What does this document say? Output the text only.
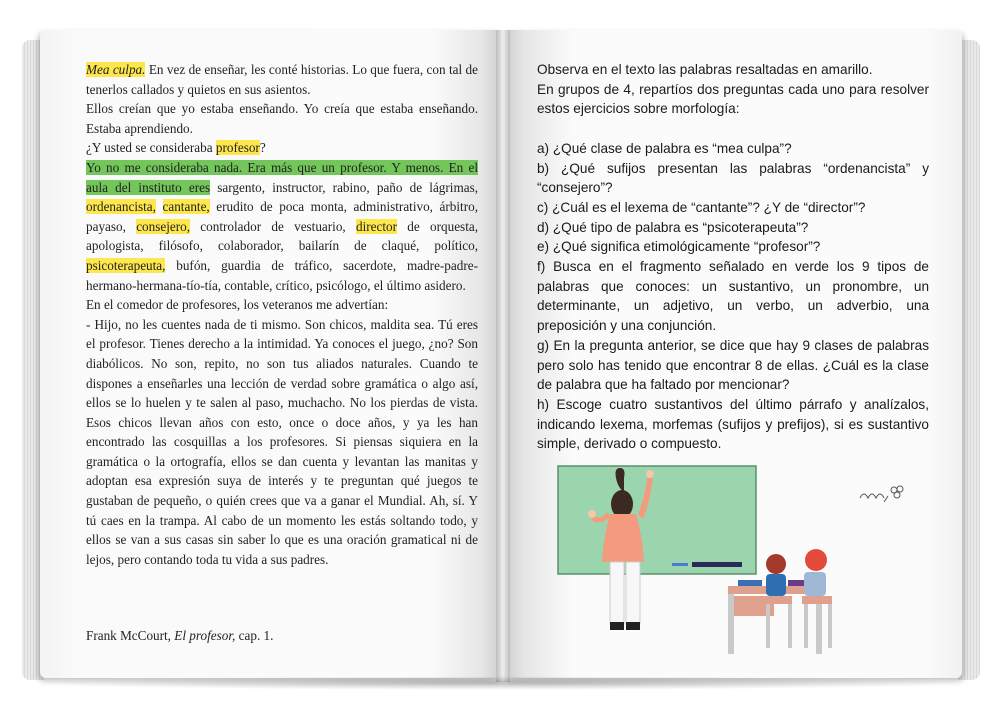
Mea culpa. En vez de enseñar, les conté historias. Lo que fuera, con tal de tenerlos callados y quietos en sus asientos.

Ellos creían que yo estaba enseñando. Yo creía que estaba enseñando. Estaba aprendiendo.

¿Y usted se consideraba profesor?

Yo no me consideraba nada. Era más que un profesor. Y menos. En el aula del instituto eres sargento, instructor, rabino, paño de lágrimas, ordenancista, cantante, erudito de poca monta, administrativo, árbitro, payaso, consejero, controlador de vestuario, director de orquesta, apologista, filósofo, colaborador, bailarín de claqué, político, psicoterapeuta, bufón, guardia de tráfico, sacerdote, madre-padre-hermano-hermana-tío-tía, contable, crítico, psicólogo, el último asidero.

En el comedor de profesores, los veteranos me advertían:

- Hijo, no les cuentes nada de ti mismo. Son chicos, maldita sea. Tú eres el profesor. Tienes derecho a la intimidad. Ya conoces el juego, ¿no? Son diabólicos. No son, repito, no son tus aliados naturales. Cuando te dispones a enseñarles una lección de verdad sobre gramática o algo así, ellos se lo huelen y te salen al paso, muchacho. No los pierdas de vista. Esos chicos llevan años con esto, once o doce años, y ya les han encontrado las cosquillas a los profesores. Si piensas siquiera en la gramática o la ortografía, ellos se dan cuenta y levantan las manitas y adoptan esa expresión suya de interés y te preguntan qué juegos te gustaban de pequeño, o quién crees que va a ganar el Mundial. Ah, sí. Y tú caes en la trampa. Al cabo de un momento les estás soltando todo, y ellos se van a sus casas sin saber lo que es una oración gramatical ni de lejos, pero contando toda tu vida a sus padres.

Frank McCourt, El profesor, cap. 1.

Observa en el texto las palabras resaltadas en amarillo.

En grupos de 4, repartíos dos preguntas cada uno para resolver estos ejercicios sobre morfología:

a) ¿Qué clase de palabra es “mea culpa”?

b) ¿Qué sufijos presentan las palabras “ordenancista” y “consejero”?

c) ¿Cuál es el lexema de “cantante”? ¿Y de “director”?

d) ¿Qué tipo de palabra es “psicoterapeuta”?

e) ¿Qué significa etimológicamente “profesor”?

f) Busca en el fragmento señalado en verde los 9 tipos de palabras que conoces: un sustantivo, un pronombre, un determinante, un adjetivo, un verbo, un adverbio, una preposición y una conjunción.

g) En la pregunta anterior, se dice que hay 9 clases de palabras pero solo has tenido que encontrar 8 de ellas. ¿Cuál es la clase de palabra que ha faltado por mencionar?

h) Escoge cuatro sustantivos del último párrafo y analízalos, indicando lexema, morfemas (sufijos y prefijos), si es sustantivo simple, derivado o compuesto.
